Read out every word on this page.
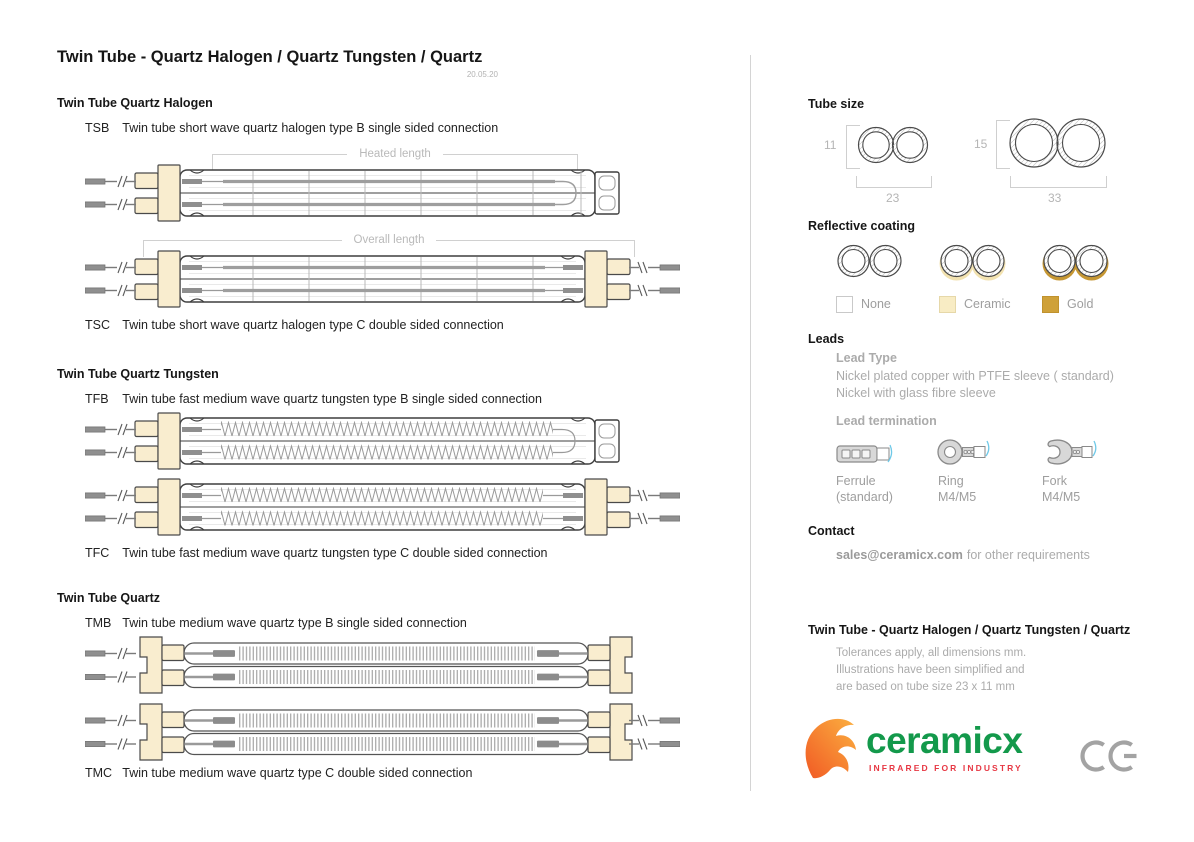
Twin Tube - Quartz Halogen / Quartz Tungsten / Quartz
20.05.20
Twin Tube Quartz Halogen
TSB Twin tube short wave quartz halogen type B single sided connection
Heated length
Overall length
TSC Twin tube short wave quartz halogen type C double sided connection
Twin Tube Quartz Tungsten
TFB Twin tube fast medium wave quartz tungsten type B single sided connection
TFC Twin tube fast medium wave quartz tungsten type C double sided connection
Twin Tube Quartz
TMB Twin tube medium wave quartz type B single sided connection
TMC Twin tube medium wave quartz type C double sided connection
Tube size
11
23
15
33
Reflective coating
None	Ceramic	Gold
Leads
Lead Type
Nickel plated copper with PTFE sleeve ( standard)
Nickel with glass fibre sleeve
Lead termination
Ferrule
(standard)
Ring
M4/M5
Fork
M4/M5
Contact
sales@ceramicx.com for other requirements
Twin Tube - Quartz Halogen / Quartz Tungsten / Quartz
Tolerances apply, all dimensions mm.
Illustrations have been simplified and
are based on tube size 23 x 11 mm
ceramicx
INFRARED FOR INDUSTRY
